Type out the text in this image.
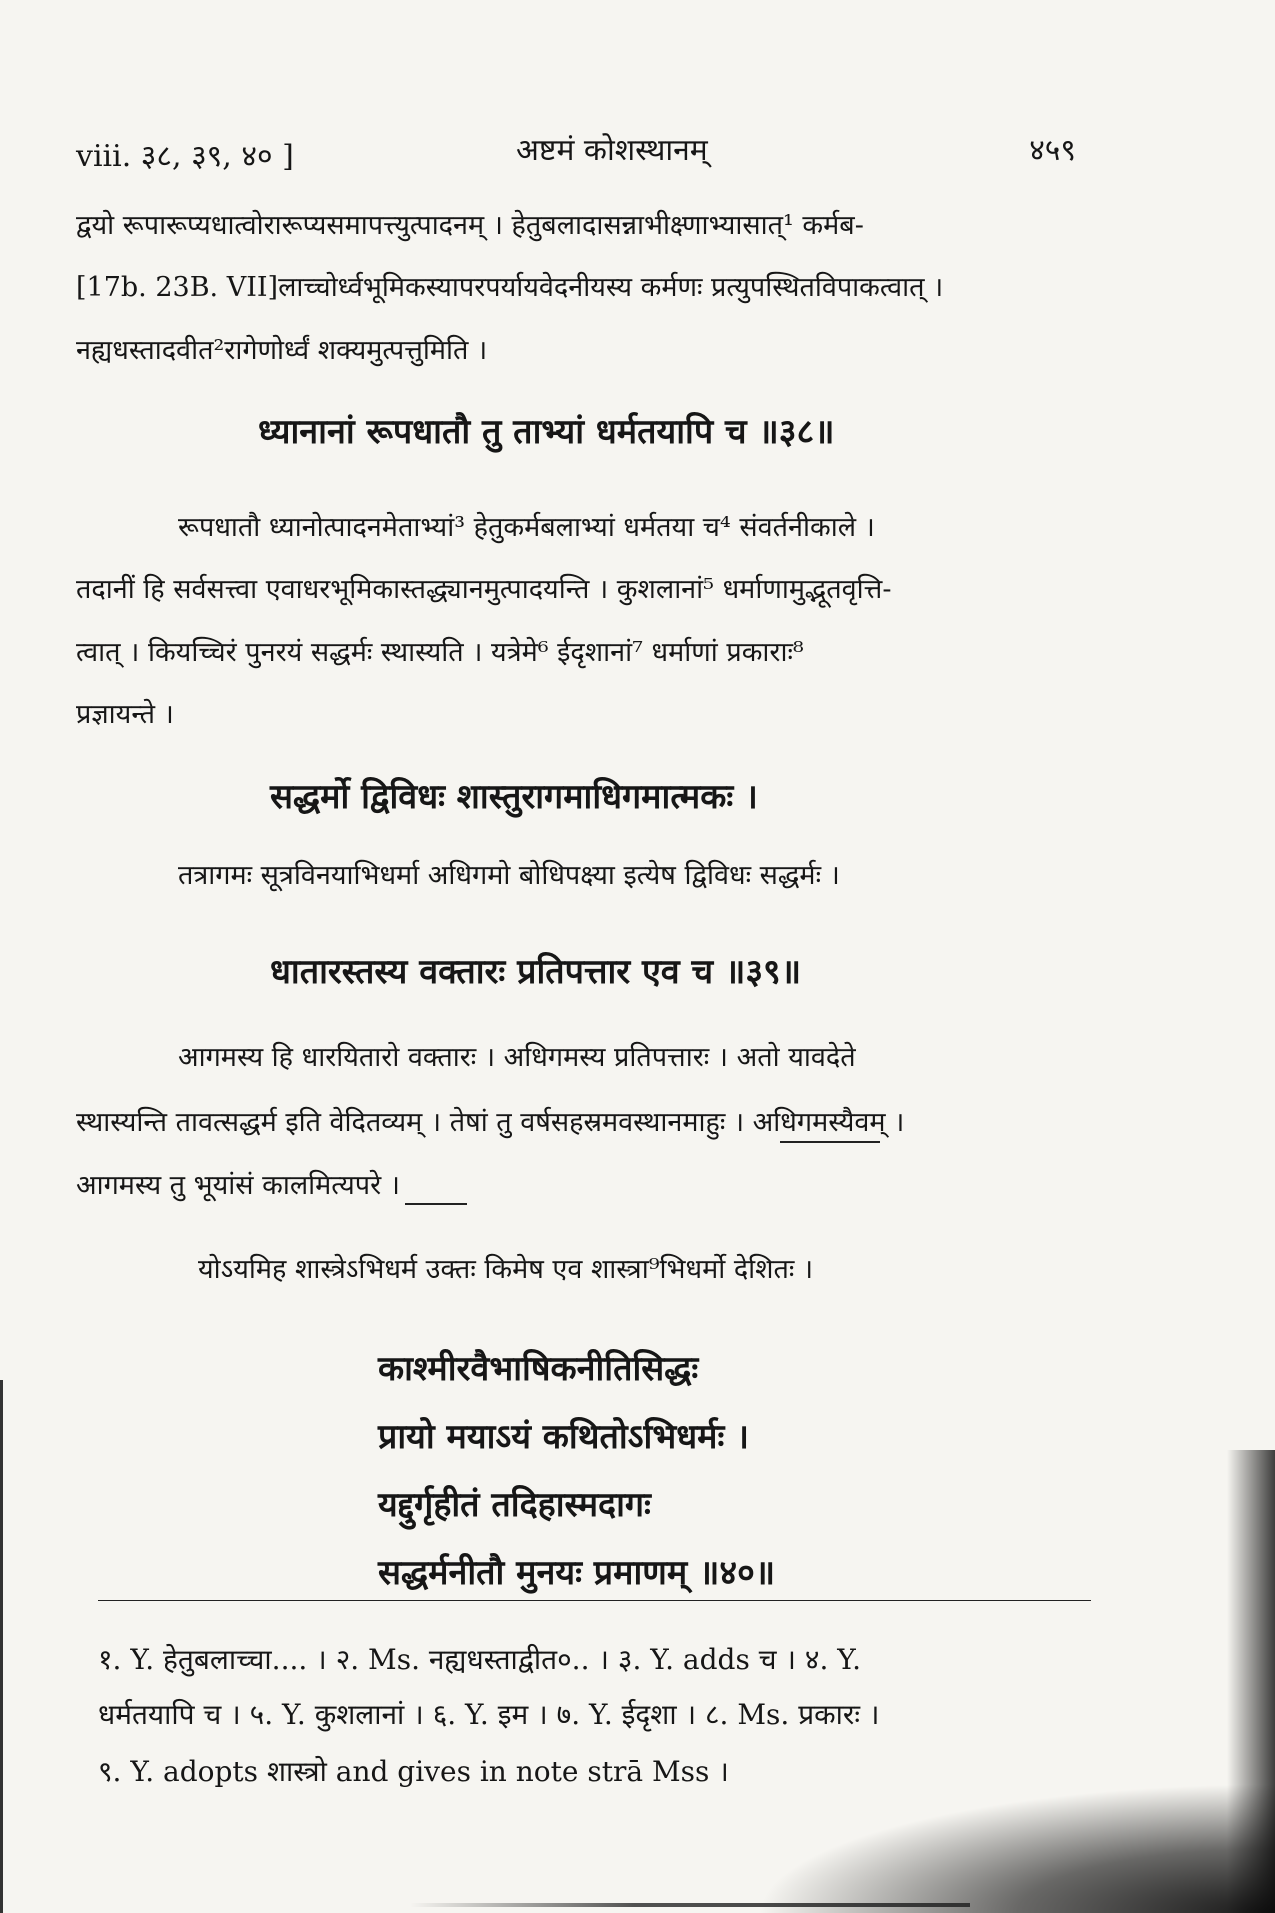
viii. ३८, ३९, ४० ]	अष्टमं कोशस्थानम्	४५९
द्वयो रूपारूप्यधात्वोरारूप्यसमापत्त्युत्पादनम् । हेतुबलादासन्नाभीक्ष्णाभ्यासात्¹ कर्मब-
[17b. 23B. VII]लाच्चोर्ध्वभूमिकस्यापरपर्यायवेदनीयस्य कर्मणः प्रत्युपस्थितविपाकत्वात् ।
नह्यधस्तादवीत²रागेणोर्ध्वं शक्यमुत्पत्तुमिति ।
ध्यानानां रूपधातौ तु ताभ्यां धर्मतयापि च ॥३८॥
रूपधातौ ध्यानोत्पादनमेताभ्यां³ हेतुकर्मबलाभ्यां धर्मतया च⁴ संवर्तनीकाले ।
तदानीं हि सर्वसत्त्वा एवाधरभूमिकास्तद्ध्यानमुत्पादयन्ति । कुशलानां⁵ धर्माणामुद्भूतवृत्ति-
त्वात् । कियच्चिरं पुनरयं सद्धर्मः स्थास्यति । यत्रेमे⁶ ईदृशानां⁷ धर्माणां प्रकाराः⁸
प्रज्ञायन्ते ।
सद्धर्मो द्विविधः शास्तुरागमाधिगमात्मकः ।
तत्रागमः सूत्रविनयाभिधर्मा अधिगमो बोधिपक्ष्या इत्येष द्विविधः सद्धर्मः ।
धातारस्तस्य वक्तारः प्रतिपत्तार एव च ॥३९॥
आगमस्य हि धारयितारो वक्तारः । अधिगमस्य प्रतिपत्तारः । अतो यावदेते
स्थास्यन्ति तावत्सद्धर्म इति वेदितव्यम् । तेषां तु वर्षसहस्रमवस्थानमाहुः । अधिगमस्यैवम् ।
आगमस्य तु भूयांसं कालमित्यपरे ।
योऽयमिह शास्त्रेऽभिधर्म उक्तः किमेष एव शास्त्रा⁹भिधर्मो देशितः ।
काश्मीरवैभाषिकनीतिसिद्धः
प्रायो मयाऽयं कथितोऽभिधर्मः ।
यद्दुर्गृहीतं तदिहास्मदागः
सद्धर्मनीतौ मुनयः प्रमाणम् ॥४०॥
१. Y. हेतुबलाच्चा.... । २. Ms. नह्यधस्ताद्वीत०.. । ३. Y. adds च । ४. Y.
धर्मतयापि च । ५. Y. कुशलानां । ६. Y. इम । ७. Y. ईदृशा । ८. Ms. प्रकारः ।
९. Y. adopts शास्त्रो and gives in note strā Mss ।
